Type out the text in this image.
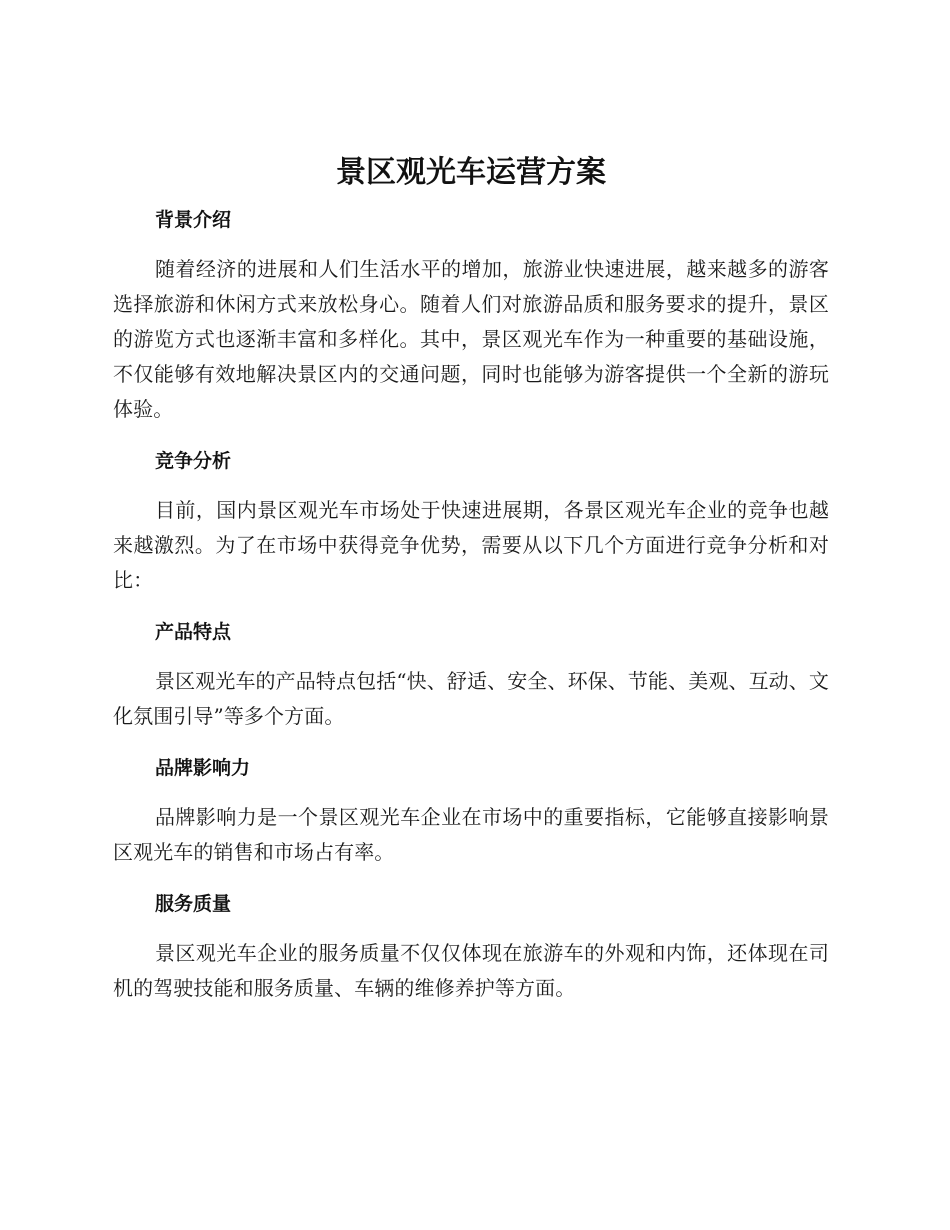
景区观光车运营方案
背景介绍

随着经济的进展和人们生活水平的增加，旅游业快速进展，越来越多的游客选择旅游和休闲方式来放松身心。随着人们对旅游品质和服务要求的提升，景区的游览方式也逐渐丰富和多样化。其中，景区观光车作为一种重要的基础设施，不仅能够有效地解决景区内的交通问题，同时也能够为游客提供一个全新的游玩体验。

竞争分析

目前，国内景区观光车市场处于快速进展期，各景区观光车企业的竞争也越来越激烈。为了在市场中获得竞争优势，需要从以下几个方面进行竞争分析和对比：

产品特点

景区观光车的产品特点包括“快、舒适、安全、环保、节能、美观、互动、文化氛围引导”等多个方面。

品牌影响力

品牌影响力是一个景区观光车企业在市场中的重要指标，它能够直接影响景区观光车的销售和市场占有率。

服务质量

景区观光车企业的服务质量不仅仅体现在旅游车的外观和内饰，还体现在司机的驾驶技能和服务质量、车辆的维修养护等方面。
